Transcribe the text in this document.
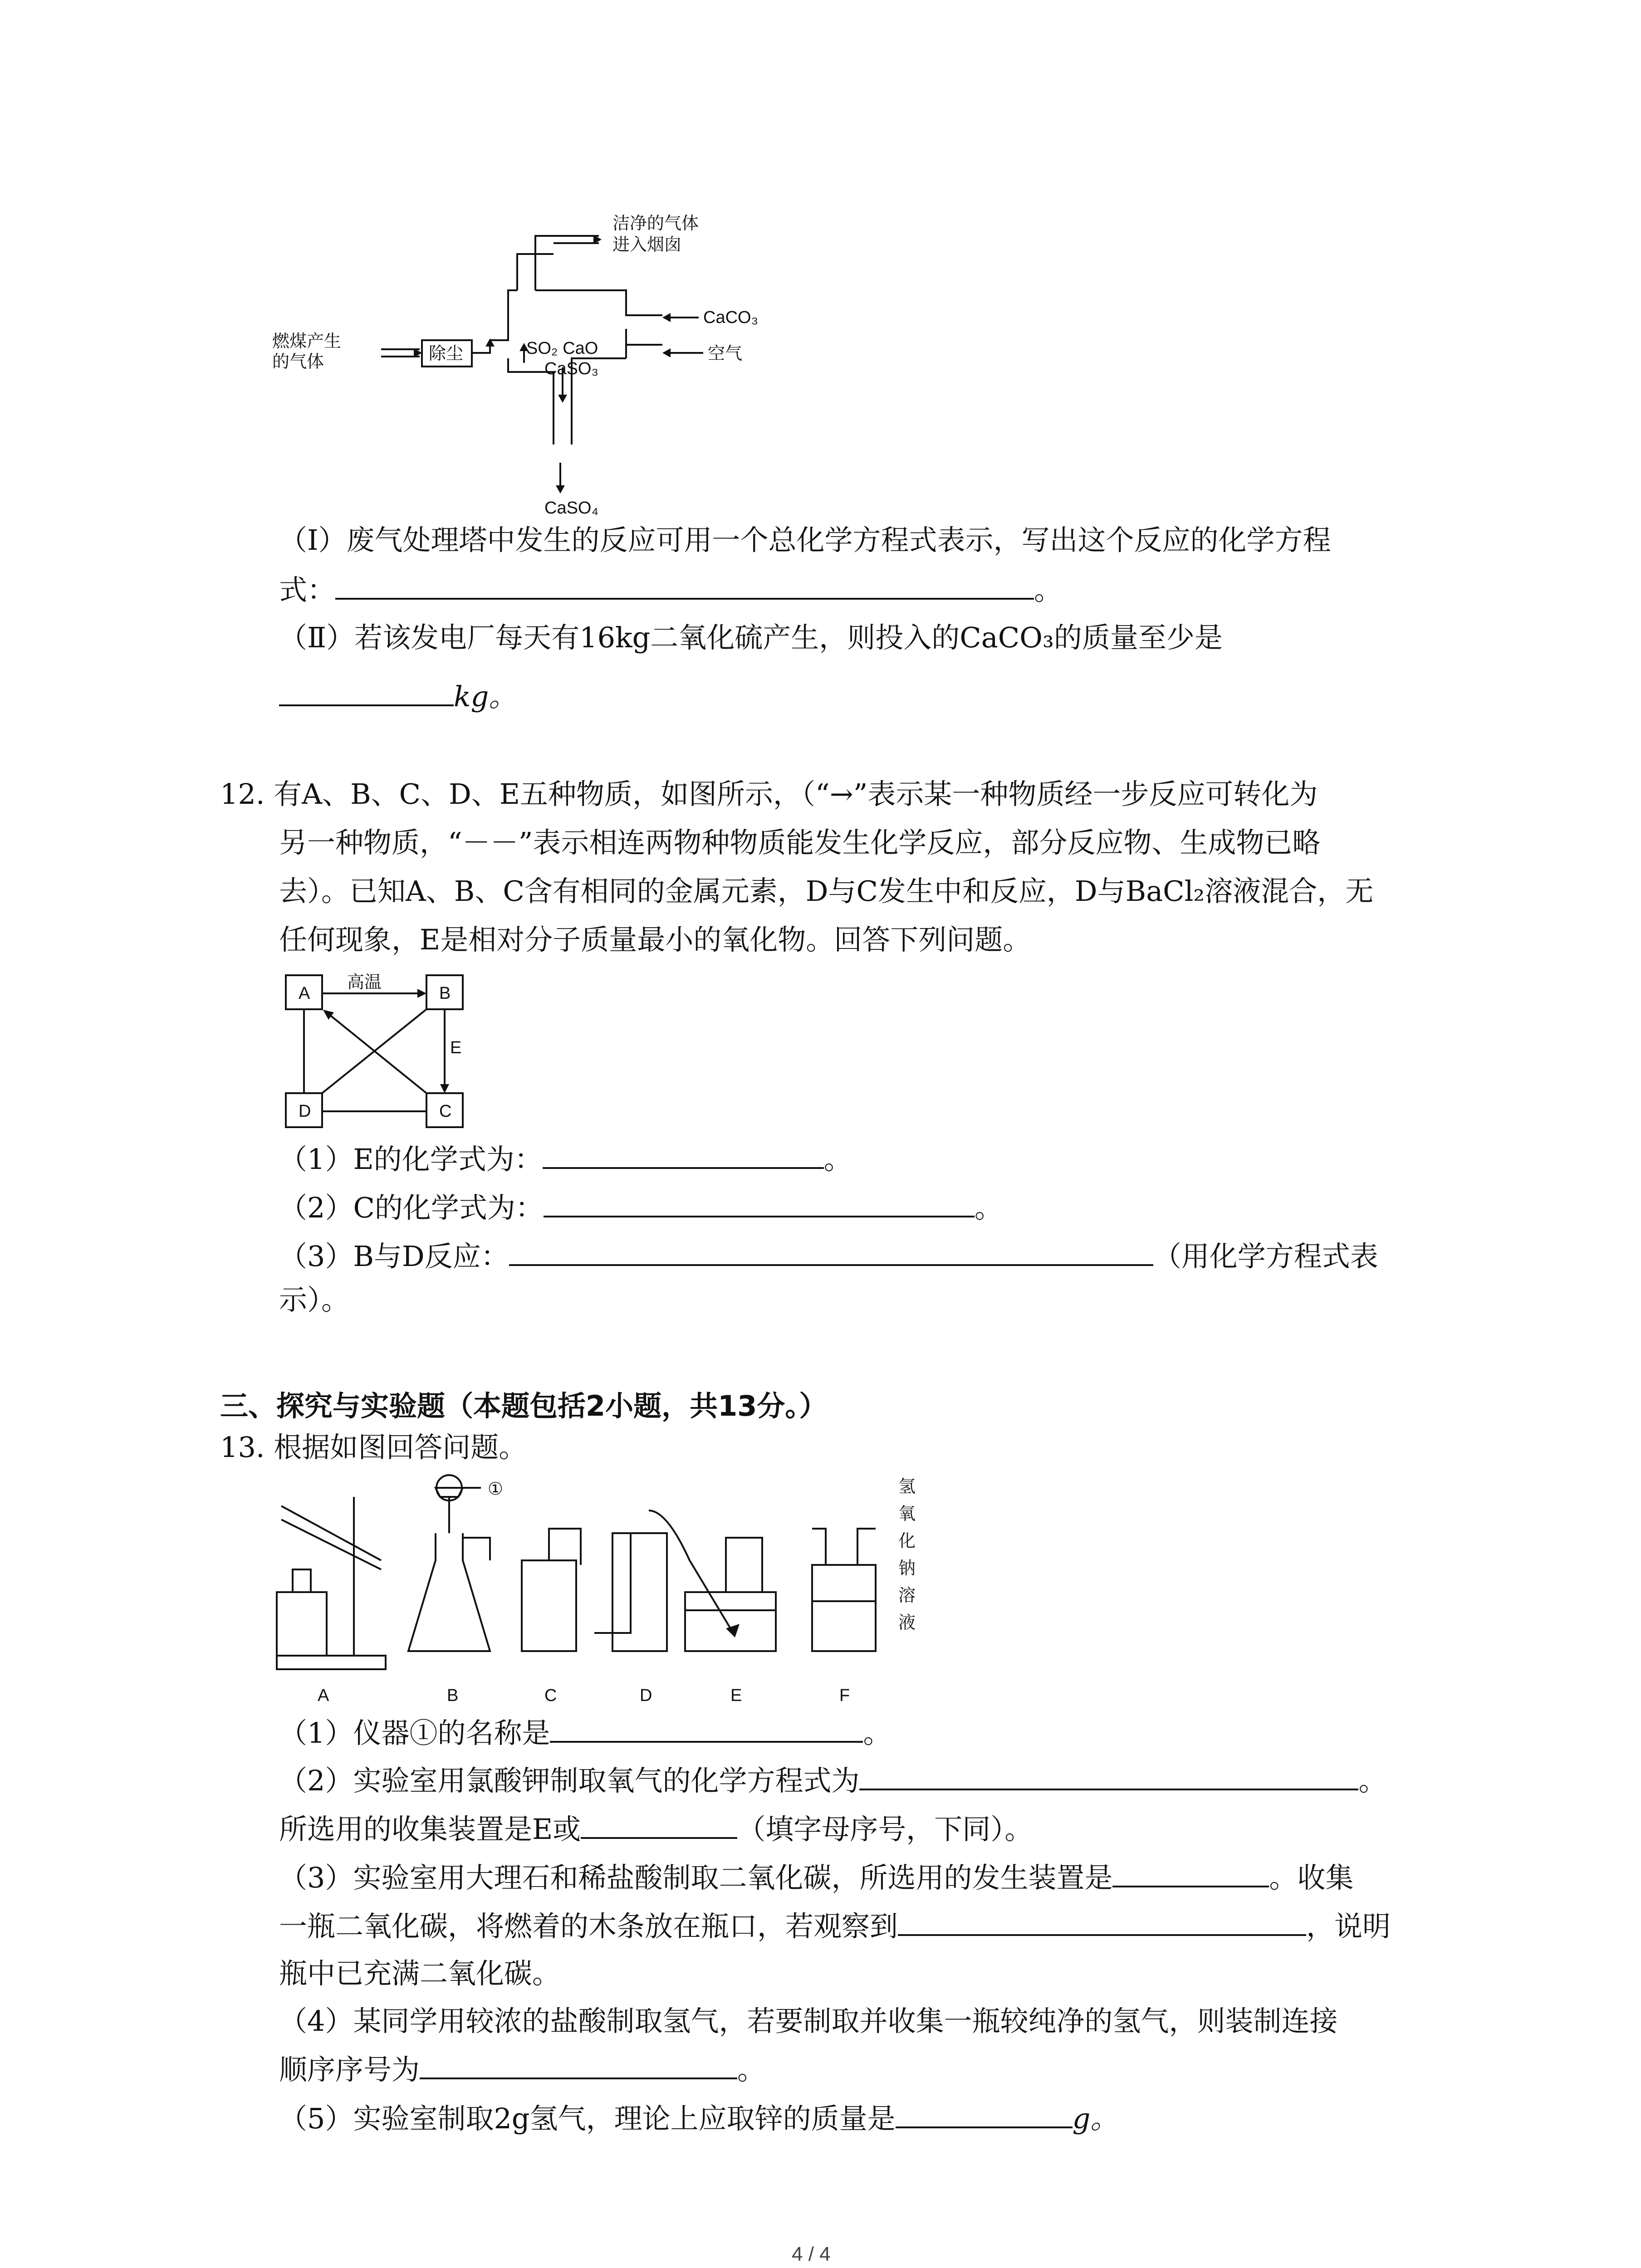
洁净的气体
进入烟囱
CaCO₃
SO₂ CaO
CaSO₃
燃煤产生
的气体	除尘	空气
CaSO₄
（Ⅰ）废气处理塔中发生的反应可用一个总化学方程式表示，写出这个反应的化学方程
式：	。
（Ⅱ）若该发电厂每天有16kg二氧化硫产生，则投入的CaCO₃的质量至少是
kg。
12. 有A、B、C、D、E五种物质，如图所示，（“→”表示某一种物质经一步反应可转化为
另一种物质，“－－”表示相连两物种物质能发生化学反应，部分反应物、生成物已略
去）。已知A、B、C含有相同的金属元素，D与C发生中和反应，D与BaCl₂溶液混合，无
任何现象，E是相对分子质量最小的氧化物。回答下列问题。
A	B
D	C
高温
E
（1）E的化学式为：	。
（2）C的化学式为：	。
（3）B与D反应：	（用化学方程式表
示）。
三、探究与实验题（本题包括2小题，共13分。）
13. 根据如图回答问题。
①
A	B	C	D	E	F
氢
氧
化
钠
溶
液
（1）仪器①的名称是	。
（2）实验室用氯酸钾制取氧气的化学方程式为	。
所选用的收集装置是E或	（填字母序号，下同）。
（3）实验室用大理石和稀盐酸制取二氧化碳，所选用的发生装置是	。收集
一瓶二氧化碳，将燃着的木条放在瓶口，若观察到	，说明
瓶中已充满二氧化碳。
（4）某同学用较浓的盐酸制取氢气，若要制取并收集一瓶较纯净的氢气，则装制连接
顺序序号为	。
（5）实验室制取2g氢气，理论上应取锌的质量是	g。
4 / 4
